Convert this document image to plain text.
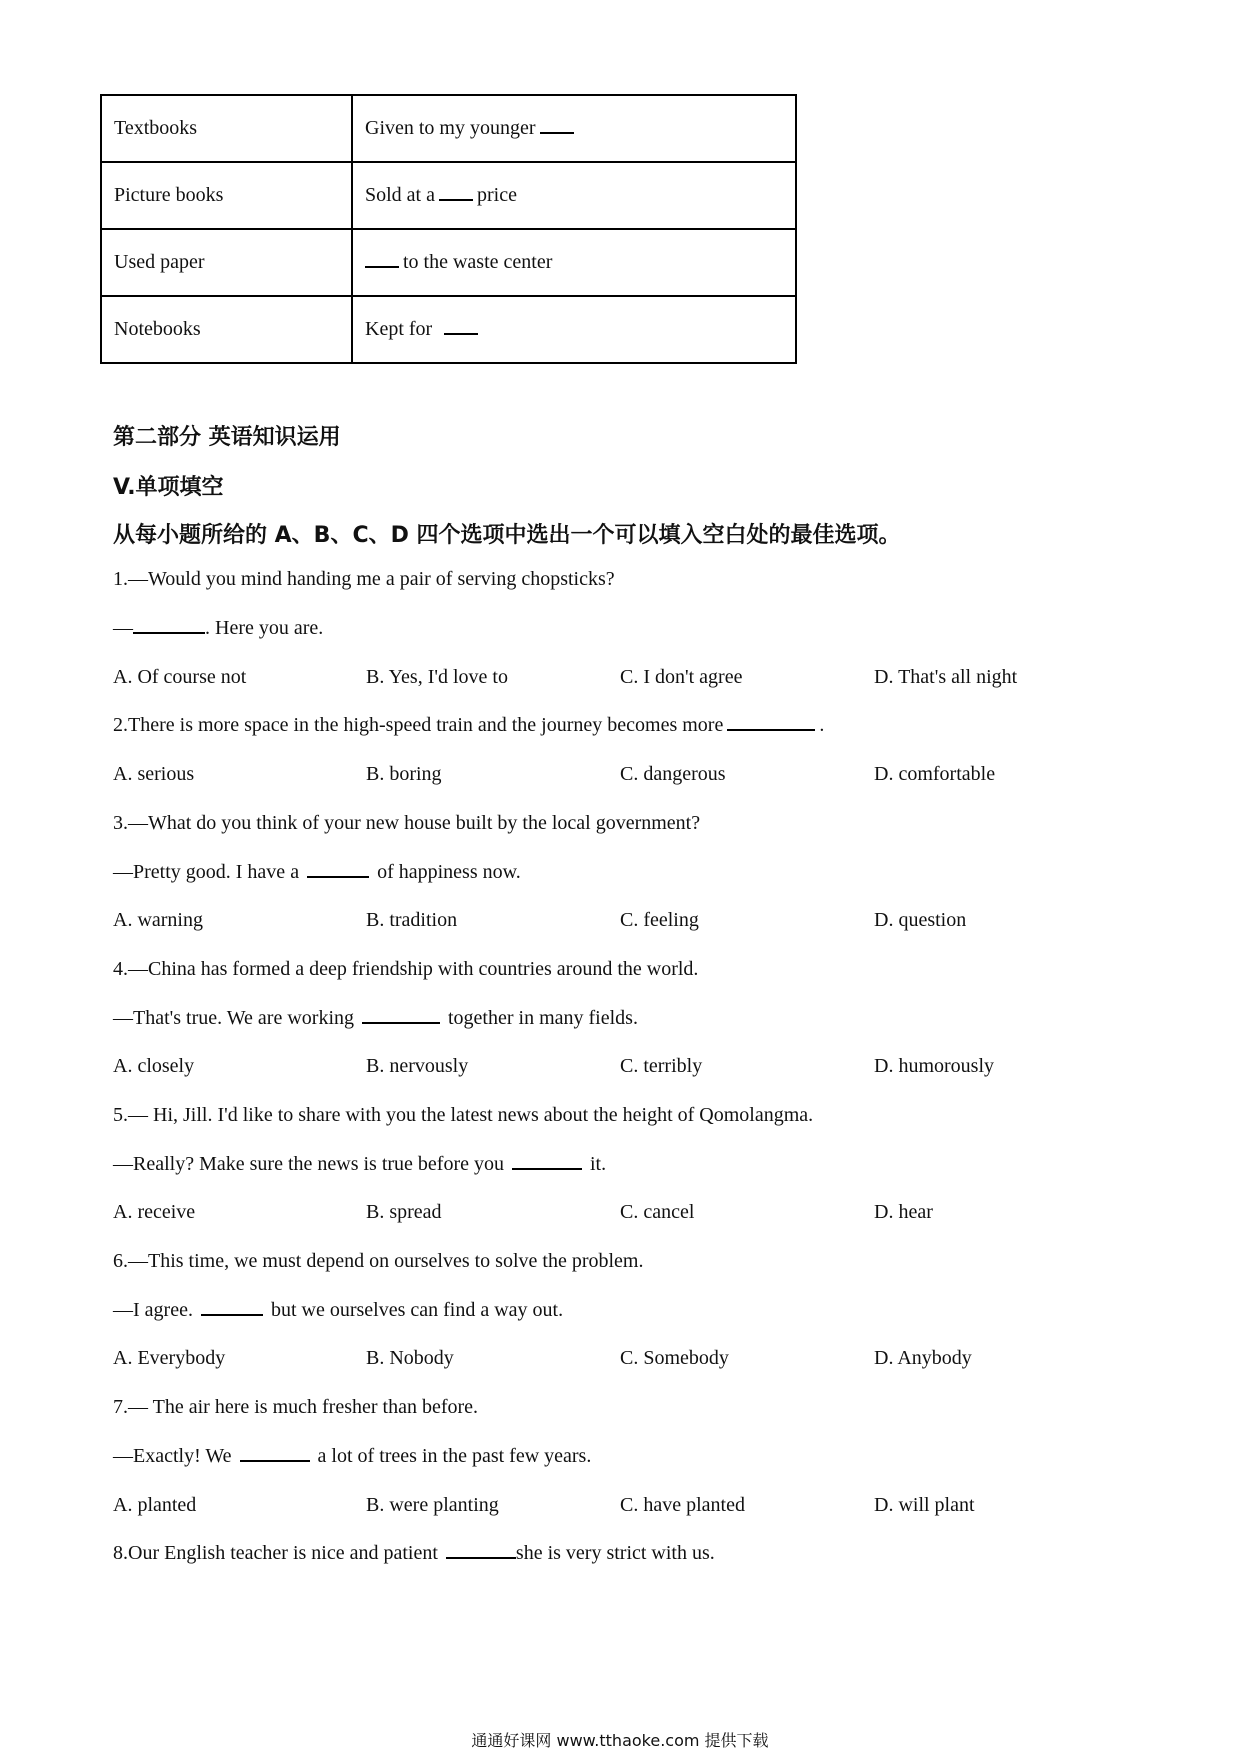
Textbooks	Given to my younger
Picture books	Sold at a price
Used paper	to the waste center
Notebooks	Kept for
第二部分 英语知识运用
V.单项填空
从每小题所给的 A、B、C、D 四个选项中选出一个可以填入空白处的最佳选项。
1.—Would you mind handing me a pair of serving chopsticks?
—	. Here you are.
A. Of course not	B. Yes, I'd love to	C. I don't agree	D. That's all night
2.There is more space in the high-speed train and the journey becomes more	.
A. serious	B. boring	C. dangerous	D. comfortable
3.—What do you think of your new house built by the local government?
—Pretty good. I have a	of happiness now.
A. warning	B. tradition	C. feeling	D. question
4.—China has formed a deep friendship with countries around the world.
—That's true. We are working	together in many fields.
A. closely	B. nervously	C. terribly	D. humorously
5.— Hi, Jill. I'd like to share with you the latest news about the height of Qomolangma.
—Really? Make sure the news is true before you	it.
A. receive	B. spread	C. cancel	D. hear
6.—This time, we must depend on ourselves to solve the problem.
—I agree.	but we ourselves can find a way out.
A. Everybody	B. Nobody	C. Somebody	D. Anybody
7.— The air here is much fresher than before.
—Exactly! We	a lot of trees in the past few years.
A. planted	B. were planting	C. have planted	D. will plant
8.Our English teacher is nice and patient	she is very strict with us.
通通好课网 www.tthaoke.com 提供下载
